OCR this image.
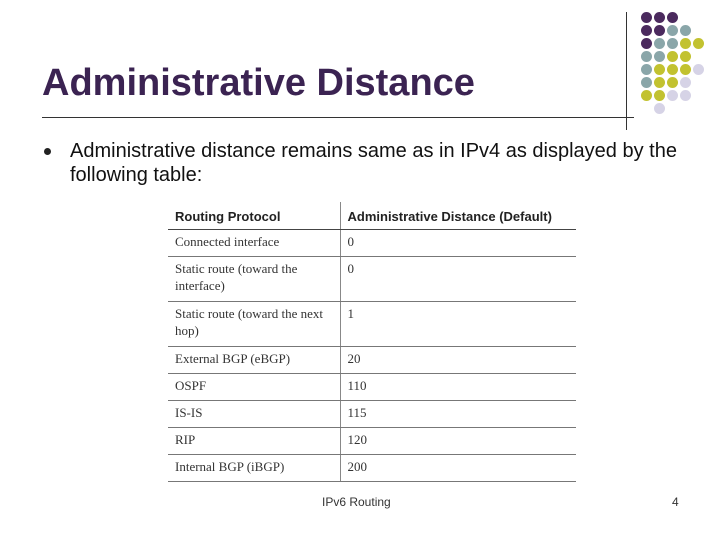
Administrative Distance
Administrative distance remains same as in IPv4 as displayed by the following table:
Routing Protocol	Administrative Distance (Default)
Connected interface	0
Static route (toward the interface)	0
Static route (toward the next hop)	1
External BGP (eBGP)	20
OSPF	110
IS-IS	115
RIP	120
Internal BGP (iBGP)	200
IPv6 Routing	4
